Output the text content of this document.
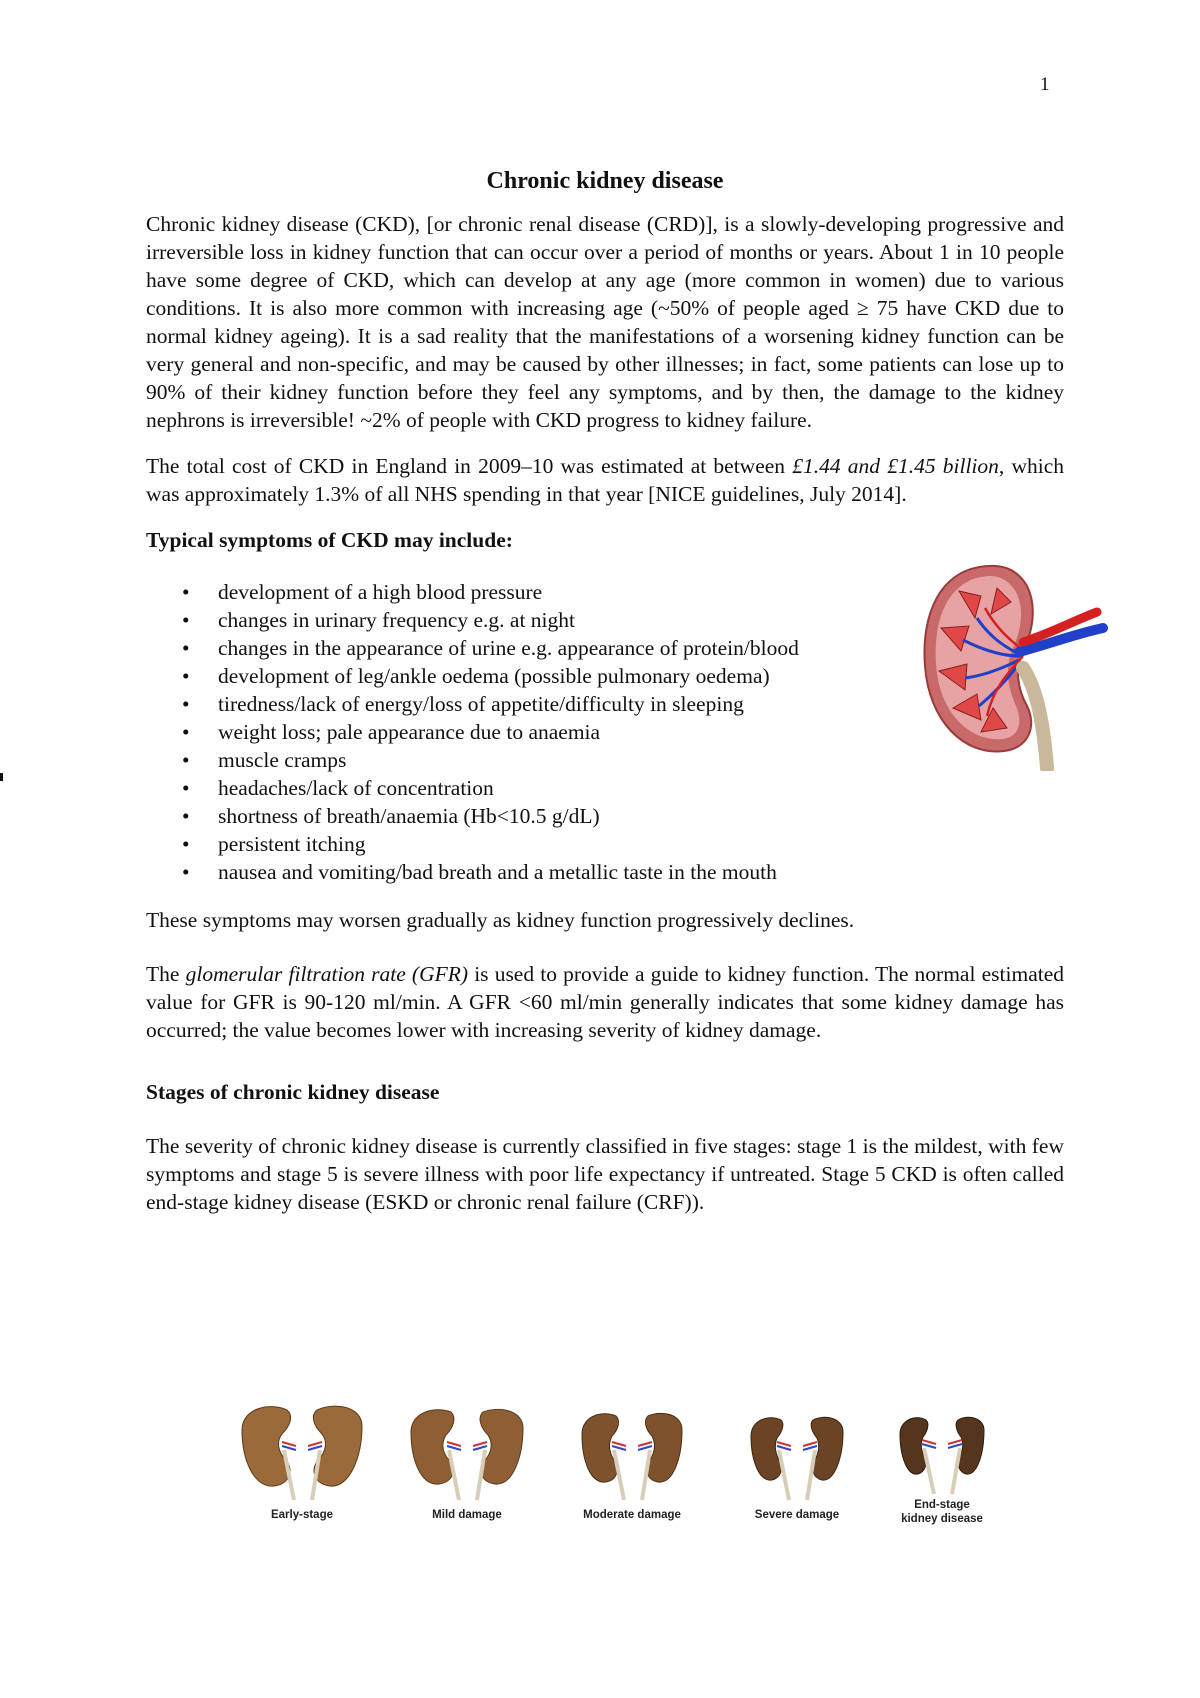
1
Chronic kidney disease

Chronic kidney disease (CKD), [or chronic renal disease (CRD)], is a slowly-developing progressive and irreversible loss in kidney function that can occur over a period of months or years. About 1 in 10 people have some degree of CKD, which can develop at any age (more common in women) due to various conditions. It is also more common with increasing age (~50% of people aged ≥ 75 have CKD due to normal kidney ageing). It is a sad reality that the manifestations of a worsening kidney function can be very general and non-specific, and may be caused by other illnesses; in fact, some patients can lose up to 90% of their kidney function before they feel any symptoms, and by then, the damage to the kidney nephrons is irreversible! ~2% of people with CKD progress to kidney failure.

The total cost of CKD in England in 2009–10 was estimated at between £1.44 and £1.45 billion, which was approximately 1.3% of all NHS spending in that year [NICE guidelines, July 2014].

Typical symptoms of CKD may include:
• development of a high blood pressure
• changes in urinary frequency e.g. at night
• changes in the appearance of urine e.g. appearance of protein/blood
• development of leg/ankle oedema (possible pulmonary oedema)
• tiredness/lack of energy/loss of appetite/difficulty in sleeping
• weight loss; pale appearance due to anaemia
• muscle cramps
• headaches/lack of concentration
• shortness of breath/anaemia (Hb<10.5 g/dL)
• persistent itching
• nausea and vomiting/bad breath and a metallic taste in the mouth

These symptoms may worsen gradually as kidney function progressively declines.

The glomerular filtration rate (GFR) is used to provide a guide to kidney function. The normal estimated value for GFR is 90-120 ml/min. A GFR <60 ml/min generally indicates that some kidney damage has occurred; the value becomes lower with increasing severity of kidney damage.

Stages of chronic kidney disease

The severity of chronic kidney disease is currently classified in five stages: stage 1 is the mildest, with few symptoms and stage 5 is severe illness with poor life expectancy if untreated. Stage 5 CKD is often called end-stage kidney disease (ESKD or chronic renal failure (CRF)).

Early-stage	Mild damage	Moderate damage	Severe damage
End-stage kidney disease
